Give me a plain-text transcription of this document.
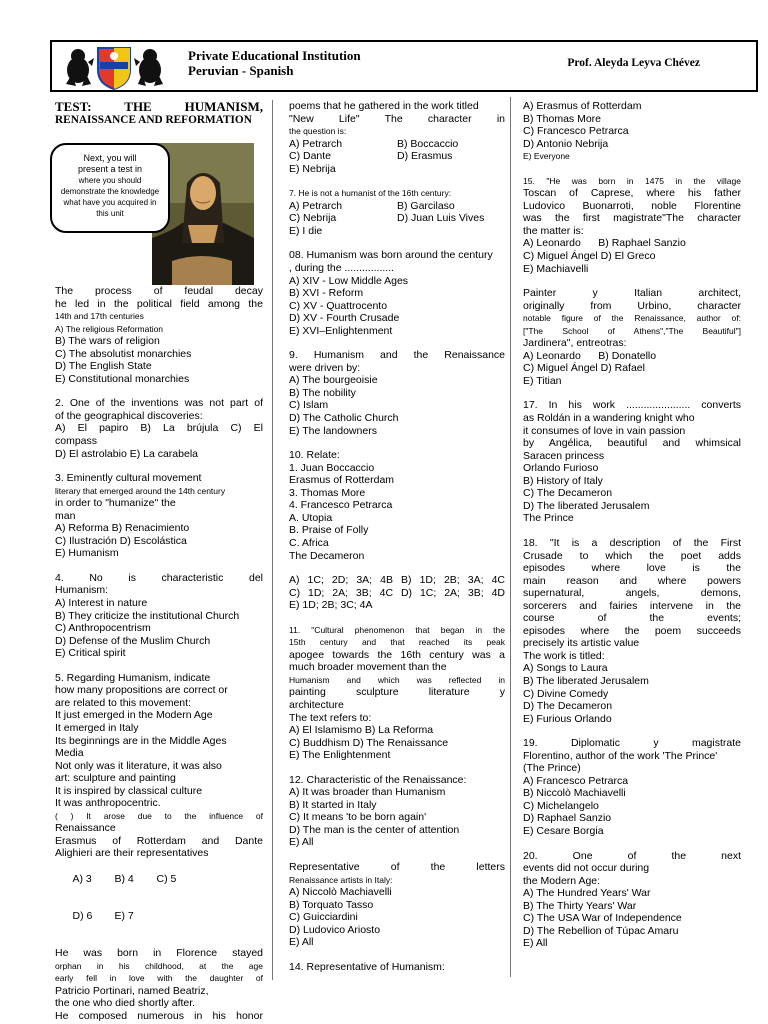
Private Educational Institution
Peruvian - Spanish	Prof. Aleyda Leyva Chévez
Next, you will
present a test in
where you should
demonstrate the knowledge
what have you acquired in
this unit
TEST: THE HUMANISM,
RENAISSANCE AND REFORMATION
The process of feudal decay
he led in the political field among the
14th and 17th centuries
A) The religious Reformation
B) The wars of religion
C) The absolutist monarchies
D) The English State
E) Constitutional monarchies
2. One of the inventions was not part of
of the geographical discoveries:
A) El papiro B) La brújula C) El
compass
D) El astrolabio E) La carabela
3. Eminently cultural movement
literary that emerged around the 14th century
in order to "humanize" the
man
A) Reforma B) Renacimiento
C) Ilustración D) Escolástica
E) Humanism
4. No is characteristic del
Humanism:
A) Interest in nature
B) They criticize the institutional Church
C) Anthropocentrism
D) Defense of the Muslim Church
E) Critical spirit
5. Regarding Humanism, indicate
how many propositions are correct or
are related to this movement:
It just emerged in the Modern Age
It emerged in Italy
Its beginnings are in the Middle Ages
Media
Not only was it literature, it was also
art: sculpture and painting
It is inspired by classical culture
It was anthropocentric.
( ) It arose due to the influence of
Renaissance
Erasmus of Rotterdam and Dante
Alighieri are their representatives

A) 3 B) 4 C) 5

D) 6 E) 7

He was born in Florence stayed
orphan in his childhood, at the age
early fell in love with the daughter of
Patricio Portinari, named Beatriz,
the one who died shortly after.
He composed numerous in his honor
poems that he gathered in the work titled
"New Life" The character in
the question is:
A) Petrarch	B) Boccaccio
C) Dante	D) Erasmus
E) Nebrija
7. He is not a humanist of the 16th century:
A) Petrarch	B) Garcilaso
C) Nebrija	D) Juan Luis Vives
E) I die
08. Humanism was born around the century
, during the .................
A) XIV - Low Middle Ages
B) XVI - Reform
C) XV - Quattrocento
D) XV - Fourth Crusade
E) XVI–Enlightenment
9. Humanism and the Renaissance
were driven by:
A) The bourgeoisie
B) The nobility
C) Islam
D) The Catholic Church
E) The landowners
10. Relate:
1. Juan Boccaccio
Erasmus of Rotterdam
3. Thomas More
4. Francesco Petrarca
A. Utopia
B. Praise of Folly
C. Africa
The Decameron
A) 1C; 2D; 3A; 4B B) 1D; 2B; 3A; 4C
C) 1D; 2A; 3B; 4C D) 1C; 2A; 3B; 4D
E) 1D; 2B; 3C; 4A
11. "Cultural phenomenon that began in the
15th century and that reached its peak
apogee towards the 16th century was a
much broader movement than the
Humanism and which was reflected in
painting sculpture literature y
architecture
The text refers to:
A) El Islamismo B) La Reforma
C) Buddhism D) The Renaissance
E) The Enlightenment
12. Characteristic of the Renaissance:
A) It was broader than Humanism
B) It started in Italy
C) It means 'to be born again'
D) The man is the center of attention
E) All
Representative of the letters
Renaissance artists in Italy:
A) Niccolò Machiavelli
B) Torquato Tasso
C) Guicciardini
D) Ludovico Ariosto
E) All
14. Representative of Humanism:
A) Erasmus of Rotterdam
B) Thomas More
C) Francesco Petrarca
D) Antonio Nebrija
E) Everyone
15. "He was born in 1475 in the village
Toscan of Caprese, where his father
Ludovico Buonarroti, noble Florentine
was the first magistrate"The character
the matter is:
A) Leonardo      B) Raphael Sanzio
C) Miguel Ángel D) El Greco
E) Machiavelli
Painter y Italian architect,
originally from Urbino, character
notable figure of the Renaissance, author of:
["The School of Athens","The Beautiful"]
Jardinera", entreotras:
A) Leonardo      B) Donatello
C) Miguel Ángel D) Rafael
E) Titian
17. In his work ...................... converts
as Roldán in a wandering knight who
it consumes of love in vain passion
by Angélica, beautiful and whimsical
Saracen princess
Orlando Furioso
B) History of Italy
C) The Decameron
D) The liberated Jerusalem
The Prince
18. "It is a description of the First
Crusade to which the poet adds
episodes where love is the
main reason and where powers
supernatural, angels, demons,
sorcerers and fairies intervene in the
course of the events;
episodes where the poem succeeds
precisely its artistic value
The work is titled:
A) Songs to Laura
B) The liberated Jerusalem
C) Divine Comedy
D) The Decameron
E) Furious Orlando
19. Diplomatic y magistrate
Florentino, author of the work 'The Prince'
(The Prince)
A) Francesco Petrarca
B) Niccolò Machiavelli
C) Michelangelo
D) Raphael Sanzio
E) Cesare Borgia
20. One of the next
events did not occur during
the Modern Age:
A) The Hundred Years' War
B) The Thirty Years' War
C) The USA War of Independence
D) The Rebellion of Túpac Amaru
E) All
